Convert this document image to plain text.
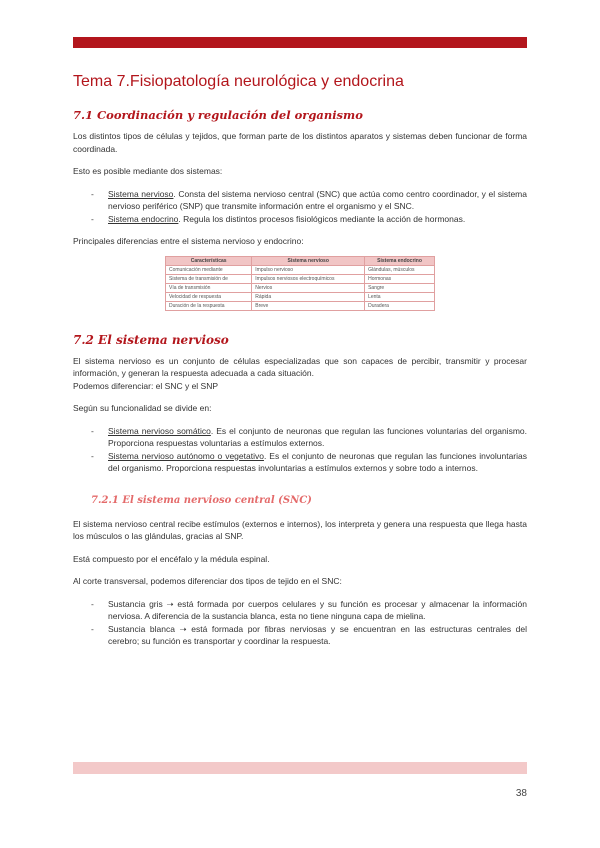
Tema 7.Fisiopatología neurológica y endocrina
7.1 Coordinación y regulación del organismo

Los distintos tipos de células y tejidos, que forman parte de los distintos aparatos y sistemas deben funcionar de forma coordinada.

Esto es posible mediante dos sistemas:

- Sistema nervioso. Consta del sistema nervioso central (SNC) que actúa como centro coordinador, y el sistema nervioso periférico (SNP) que transmite información entre el organismo y el SNC.
- Sistema endocrino. Regula los distintos procesos fisiológicos mediante la acción de hormonas.

Principales diferencias entre el sistema nervioso y endocrino:

Características	Sistema nervioso	Sistema endocrino
Comunicación mediante	Impulso nervioso	Glándulas, músculos
Sistema de transmisión de	Impulsos nerviosos electroquímicos	Hormonas
Vía de transmisión	Nervios	Sangre
Velocidad de respuesta	Rápida	Lenta
Duración de la respuesta	Breve	Duradera
7.2 El sistema nervioso

El sistema nervioso es un conjunto de células especializadas que son capaces de percibir, transmitir y procesar información, y generan la respuesta adecuada a cada situación.

Podemos diferenciar: el SNC y el SNP

Según su funcionalidad se divide en:

- Sistema nervioso somático. Es el conjunto de neuronas que regulan las funciones voluntarias del organismo. Proporciona respuestas voluntarias a estímulos externos.
- Sistema nervioso autónomo o vegetativo. Es el conjunto de neuronas que regulan las funciones involuntarias del organismo. Proporciona respuestas involuntarias a estímulos externos y sobre todo a internos.
7.2.1 El sistema nervioso central (SNC)

El sistema nervioso central recibe estímulos (externos e internos), los interpreta y genera una respuesta que llega hasta los músculos o las glándulas, gracias al SNP.

Está compuesto por el encéfalo y la médula espinal.

Al corte transversal, podemos diferenciar dos tipos de tejido en el SNC:

- Sustancia gris ➝ está formada por cuerpos celulares y su función es procesar y almacenar la información nerviosa. A diferencia de la sustancia blanca, esta no tiene ninguna capa de mielina.
- Sustancia blanca ➝ está formada por fibras nerviosas y se encuentran en las estructuras centrales del cerebro; su función es transportar y coordinar la respuesta.
38
